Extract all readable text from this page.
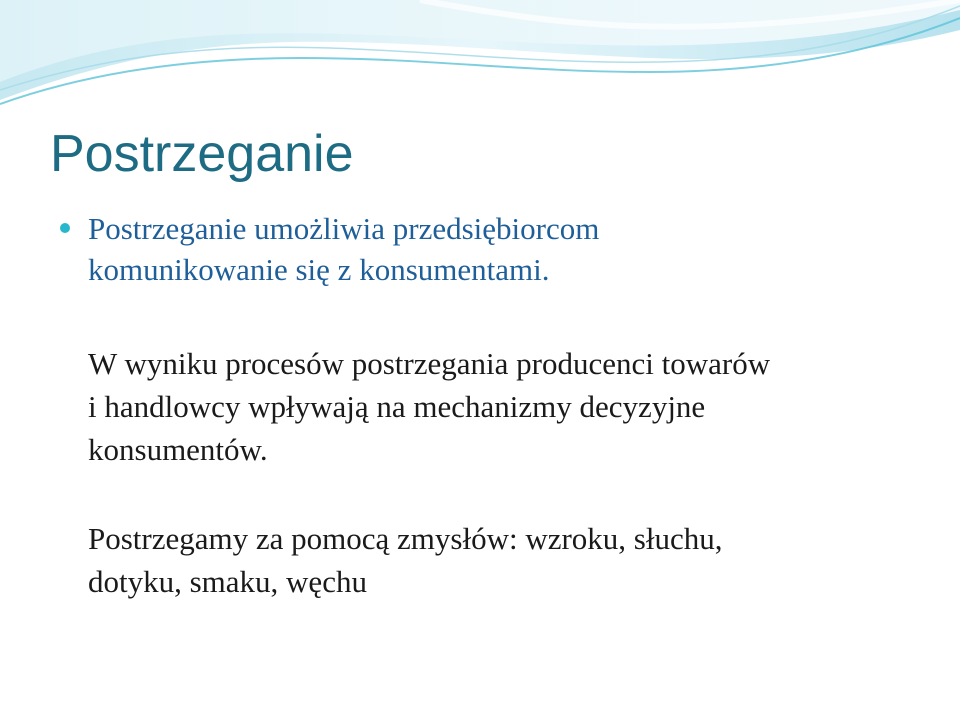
Postrzeganie

Postrzeganie umożliwia przedsiębiorcom
komunikowanie się z konsumentami.

W wyniku procesów postrzegania producenci towarów
i handlowcy wpływają na mechanizmy decyzyjne
konsumentów.

Postrzegamy za pomocą zmysłów: wzroku, słuchu,
dotyku, smaku, węchu
